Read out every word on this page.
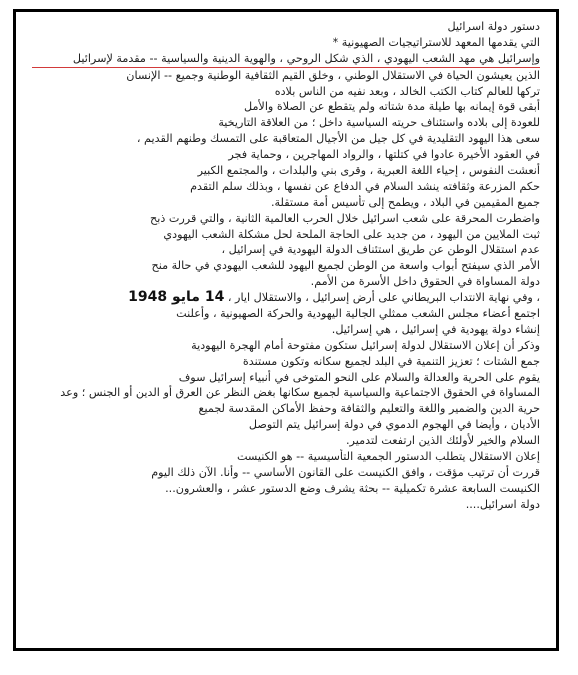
دستور دولة اسرائيل
التي يقدمها المعهد للاستراتيجيات الصهيونية *
وإسرائيل هي مهد الشعب اليهودي ، الذي شكل الروحي ، والهوية الدينية والسياسية -- مقدمة لإسرائيل
الذين يعيشون الحياة في الاستقلال الوطني ، وخلق القيم الثقافية الوطنية وجميع -- الإنسان
تركها للعالم كتاب الكتب الخالد ، وبعد نفيه من الناس بلاده
أبقى قوة إيمانه بها طيلة مدة شتاته ولم يتقطع عن الصلاة والأمل
للعودة إلى بلاده واستئناف حريته السياسية داخل ؛ من العلاقة التاريخية
سعى هذا اليهود التقليدية في كل جيل من الأجيال المتعاقبة على التمسك وطنهم القديم ،
في العقود الأخيرة عادوا في كتلتها ، والرواد المهاجرين ، وحماية فجر
أنعشت النفوس ، إحياء اللغة العبرية ، وقرى بني والبلدات ، والمجتمع الكبير
حكم المزرعة وثقافته ينشد السلام في الدفاع عن نفسها ، وبذلك سلم التقدم
جميع المقيمين في البلاد ، ويطمح إلى تأسيس أمة مستقلة.
واضطرت المحرقة على شعب اسرائيل خلال الحرب العالمية الثانية ، والتي قررت ذبح
ثبت الملايين من اليهود ، من جديد على الحاجة الملحة لحل مشكلة الشعب اليهودي
عدم استقلال الوطن عن طريق استئناف الدولة اليهودية في إسرائيل ،
الأمر الذي سيفتح أبواب واسعة من الوطن لجميع اليهود للشعب اليهودي في حالة منح
دولة المساواة في الحقوق داخل الأسرة من الأمم.
، وفي نهاية الانتداب البريطاني على أرض إسرائيل ، والاستقلال ايار ، 14 مايو 1948
اجتمع أعضاء مجلس الشعب ممثلي الجالية اليهودية والحركة الصهيونية ، وأعلنت
إنشاء دولة يهودية في إسرائيل ، هي إسرائيل.
وذكر أن إعلان الاستقلال لدولة إسرائيل ستكون مفتوحة أمام الهجرة اليهودية
جمع الشتات ؛ تعزيز التنمية في البلد لجميع سكانه وتكون مستندة
يقوم على الحرية والعدالة والسلام على النحو المتوخى في أنبياء إسرائيل سوف
المساواة في الحقوق الاجتماعية والسياسية لجميع سكانها بغض النظر عن العرق أو الدين أو الجنس ؛ وعد
حرية الدين والضمير واللغة والتعليم والثقافة وحفظ الأماكن المقدسة لجميع
الأديان ، وأيضا في الهجوم الدموي في دولة إسرائيل يتم التوصل
السلام والخير لأولئك الذين ارتفعت لتدمير.
إعلان الاستقلال يتطلب الدستور الجمعية التأسيسية -- هو الكنيست
قررت أن ترتيب مؤقت ، وافق الكنيست على القانون الأساسي -- وأنا. الآن ذلك اليوم
الكنيست السابعة عشرة تكميلية -- بحثة يشرف وضع الدستور عشر ، والعشرون...
دولة اسرائيل....
